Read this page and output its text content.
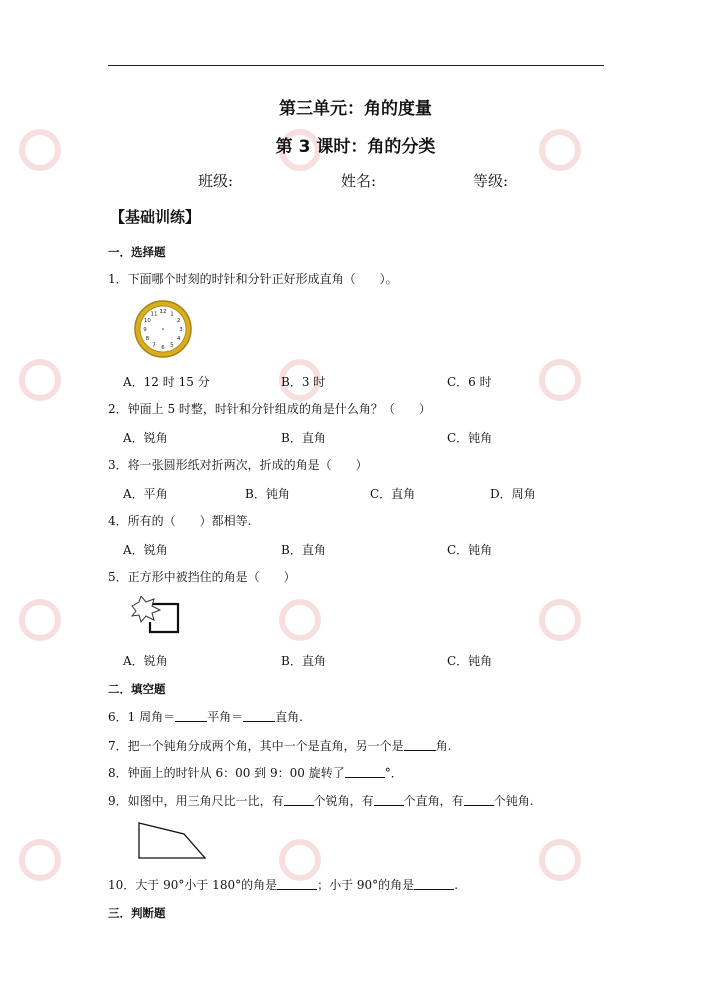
第三单元：角的度量
第 3 课时：角的分类
班级:	姓名:	等级:
【基础训练】
一．选择题
1．下面哪个时刻的时针和分针正好形成直角（　　）。
12 1
2
3
4
5
6
7
8
9
10
11
A．12 时 15 分	B．3 时	C．6 时
2．钟面上 5 时整，时针和分针组成的角是什么角？（　　）
A．锐角	B．直角	C．钝角
3．将一张圆形纸对折两次，折成的角是（　　）
A．平角	B．钝角	C．直角	D．周角
4．所有的（　　）都相等.
A．锐角	B．直角	C．钝角
5．正方形中被挡住的角是（　　）
A．锐角	B．直角	C．钝角
二．填空题
6．1 周角＝	平角＝	直角.
7．把一个钝角分成两个角，其中一个是直角，另一个是	角.
8．钟面上的时针从 6：00 到 9：00 旋转了	°．
9．如图中，用三角尺比一比，有	个锐角，有	个直角，有	个钝角.
10．大于 90°小于 180°的角是	；小于 90°的角是	.
三．判断题
